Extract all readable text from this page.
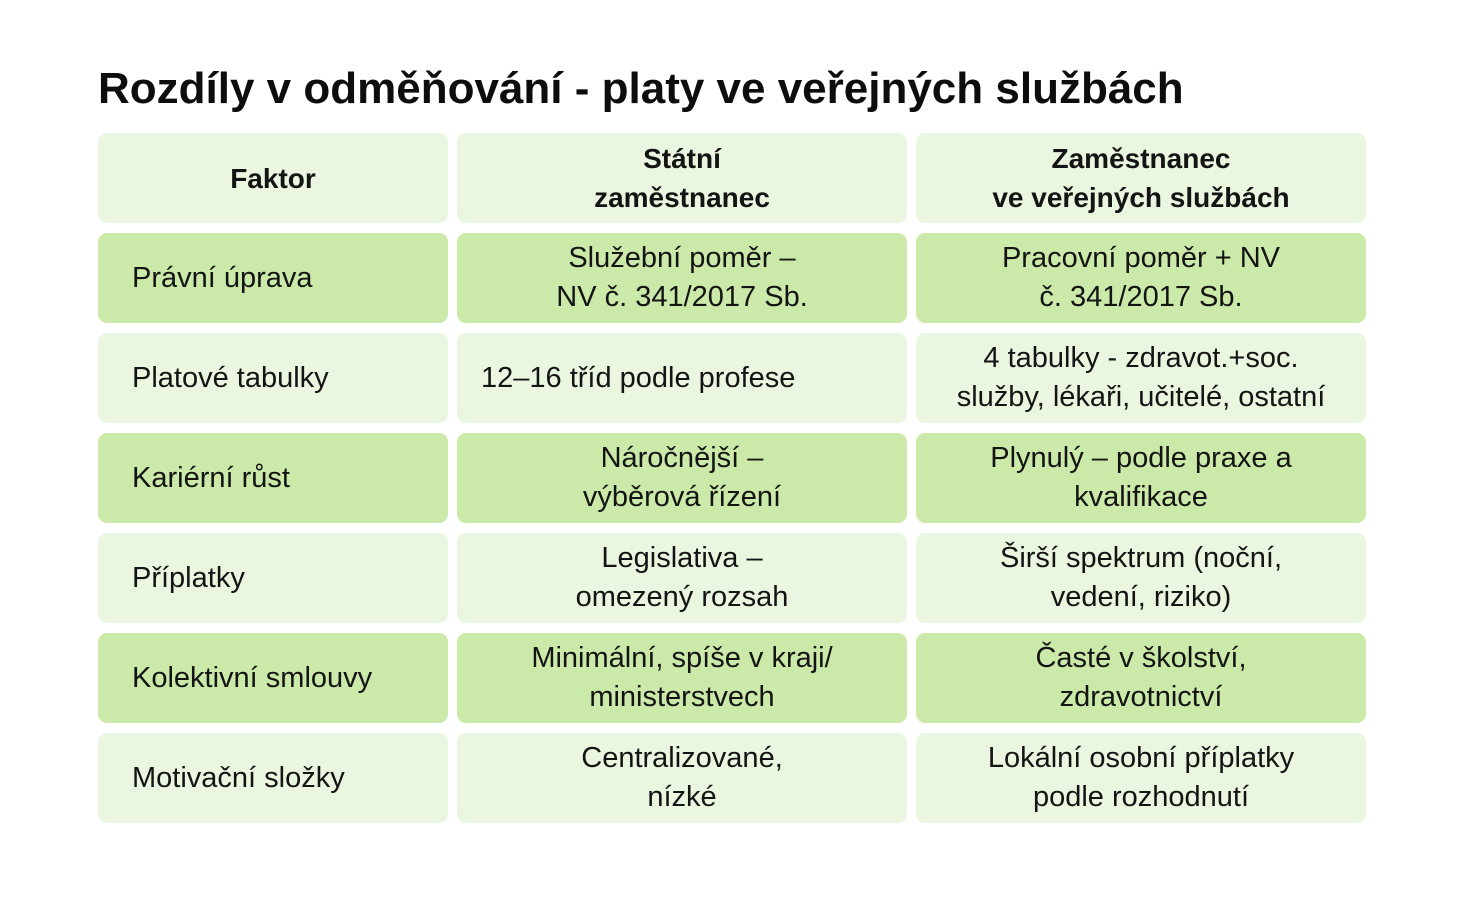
Rozdíly v odměňování - platy ve veřejných službách
Faktor
Státní
zaměstnanec
Zaměstnanec
ve veřejných službách
Právní úprava
Služební poměr –
NV č. 341/2017 Sb.
Pracovní poměr + NV
č. 341/2017 Sb.
Platové tabulky	12–16 tříd podle profese
4 tabulky - zdravot.+soc.
služby, lékaři, učitelé, ostatní
Kariérní růst
Náročnější –
výběrová řízení
Plynulý – podle praxe a
kvalifikace
Příplatky
Legislativa –
omezený rozsah
Širší spektrum (noční,
vedení, riziko)
Kolektivní smlouvy
Minimální, spíše v kraji/
ministerstvech
Časté v školství,
zdravotnictví
Motivační složky
Centralizované,
nízké
Lokální osobní příplatky
podle rozhodnutí
